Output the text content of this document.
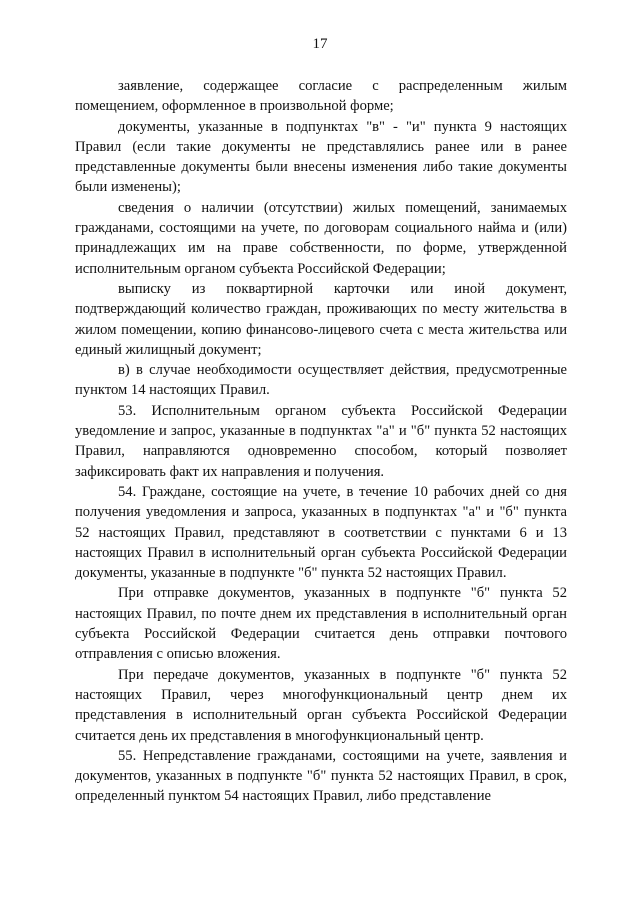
17

заявление, содержащее согласие с распределенным жилым помещением, оформленное в произвольной форме;

документы, указанные в подпунктах "в" - "и" пункта 9 настоящих Правил (если такие документы не представлялись ранее или в ранее представленные документы были внесены изменения либо такие документы были изменены);

сведения о наличии (отсутствии) жилых помещений, занимаемых гражданами, состоящими на учете, по договорам социального найма и (или) принадлежащих им на праве собственности, по форме, утвержденной исполнительным органом субъекта Российской Федерации;

выписку из поквартирной карточки или иной документ, подтверждающий количество граждан, проживающих по месту жительства в жилом помещении, копию финансово-лицевого счета с места жительства или единый жилищный документ;

в) в случае необходимости осуществляет действия, предусмотренные пунктом 14 настоящих Правил.

53. Исполнительным органом субъекта Российской Федерации уведомление и запрос, указанные в подпунктах "а" и "б" пункта 52 настоящих Правил, направляются одновременно способом, который позволяет зафиксировать факт их направления и получения.

54. Граждане, состоящие на учете, в течение 10 рабочих дней со дня получения уведомления и запроса, указанных в подпунктах "а" и "б" пункта 52 настоящих Правил, представляют в соответствии с пунктами 6 и 13 настоящих Правил в исполнительный орган субъекта Российской Федерации документы, указанные в подпункте "б" пункта 52 настоящих Правил.

При отправке документов, указанных в подпункте "б" пункта 52 настоящих Правил, по почте днем их представления в исполнительный орган субъекта Российской Федерации считается день отправки почтового отправления с описью вложения.

При передаче документов, указанных в подпункте "б" пункта 52 настоящих Правил, через многофункциональный центр днем их представления в исполнительный орган субъекта Российской Федерации считается день их представления в многофункциональный центр.

55. Непредставление гражданами, состоящими на учете, заявления и документов, указанных в подпункте "б" пункта 52 настоящих Правил, в срок, определенный пунктом 54 настоящих Правил, либо представление
